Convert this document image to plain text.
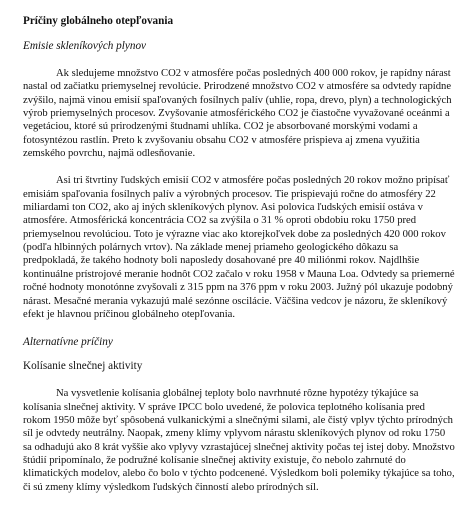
Príčiny globálneho otepľovania
Emisie skleníkových plynov

Ak sledujeme množstvo CO2 v atmosfére počas posledných 400 000 rokov, je rapídny nárast nastal od začiatku priemyselnej revolúcie. Prirodzené množstvo CO2 v atmosfére sa odvtedy rapídne zvýšilo, najmä vinou emisií spaľovaných fosílnych palív (uhlie, ropa, drevo, plyn) a technologických výrob priemyselných procesov. Zvyšovanie atmosférického CO2 je čiastočne vyvažované oceánmi a vegetáciou, ktoré sú prirodzenými študnami uhlíka. CO2 je absorbované morskými vodami a fotosyntézou rastlín. Preto k zvyšovaniu obsahu CO2 v atmosfére prispieva aj zmena využitia zemského povrchu, najmä odlesňovanie.

Asi tri štvrtiny ľudských emisií CO2 v atmosfére počas posledných 20 rokov možno pripísať emisiám spaľovania fosílnych palív a výrobných procesov. Tie prispievajú ročne do atmosféry 22 miliardami ton CO2, ako aj iných skleníkových plynov. Asi polovica ľudských emisií ostáva v atmosfére. Atmosférická koncentrácia CO2 sa zvýšila o 31 % oproti obdobiu roku 1750 pred priemyselnou revolúciou. Toto je výrazne viac ako ktorejkoľvek dobe za posledných 420 000 rokov (podľa hlbinných polárnych vrtov). Na základe menej priameho geologického dôkazu sa predpokladá, že takého hodnoty boli naposledy dosahované pre 40 miliónmi rokov. Najdlhšie kontinuálne prístrojové meranie hodnôt CO2 začalo v roku 1958 v Mauna Loa. Odvtedy sa priemerné ročné hodnoty monotónne zvyšovali z 315 ppm na 376 ppm v roku 2003. Južný pól ukazuje podobný nárast. Mesačné merania vykazujú malé sezónne oscilácie. Väčšina vedcov je názoru, že skleníkový efekt je hlavnou príčinou globálneho otepľovania.

Alternatívne príčiny
Kolísanie slnečnej aktivity

Na vysvetlenie kolísania globálnej teploty bolo navrhnuté rôzne hypotézy týkajúce sa kolísania slnečnej aktivity. V správe IPCC bolo uvedené, že polovica teplotného kolísania pred rokom 1950 môže byť spôsobená vulkanickými a slnečnými silami, ale čistý vplyv týchto prírodných síl je odvtedy neutrálny. Naopak, zmeny klímy vplyvom nárastu skleníkových plynov od roku 1750 sa odhadujú ako 8 krát vyššie ako vplyvy vzrastajúcej slnečnej aktivity počas tej istej doby. Množstvo štúdií pripomínalo, že podružné kolísanie slnečnej aktivity existuje, čo nebolo zahrnuté do klimatických modelov, alebo čo bolo v týchto podcenené. Výsledkom boli polemiky týkajúce sa toho, či sú zmeny klímy výsledkom ľudských činností alebo prírodných síl.
